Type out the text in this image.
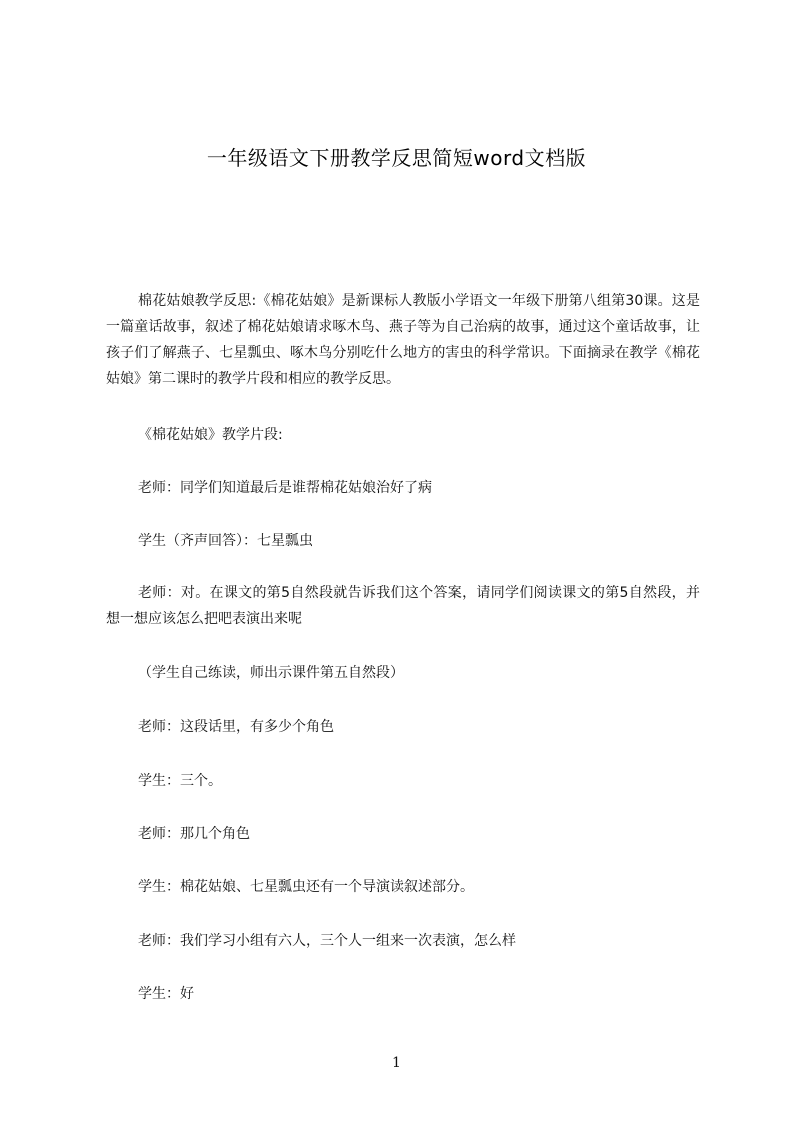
一年级语文下册教学反思简短word文档版
棉花姑娘教学反思:《棉花姑娘》是新课标人教版小学语文一年级下册第八组第30课。这是一篇童话故事，叙述了棉花姑娘请求啄木鸟、燕子等为自己治病的故事，通过这个童话故事，让孩子们了解燕子、七星瓢虫、啄木鸟分别吃什么地方的害虫的科学常识。下面摘录在教学《棉花姑娘》第二课时的教学片段和相应的教学反思。
《棉花姑娘》教学片段:
老师：同学们知道最后是谁帮棉花姑娘治好了病
学生（齐声回答）：七星瓢虫
老师：对。在课文的第5自然段就告诉我们这个答案，请同学们阅读课文的第5自然段，并想一想应该怎么把吧表演出来呢
（学生自己练读，师出示课件第五自然段）
老师：这段话里，有多少个角色
学生：三个。
老师：那几个角色
学生：棉花姑娘、七星瓢虫还有一个导演读叙述部分。
老师：我们学习小组有六人，三个人一组来一次表演，怎么样
学生：好
1
